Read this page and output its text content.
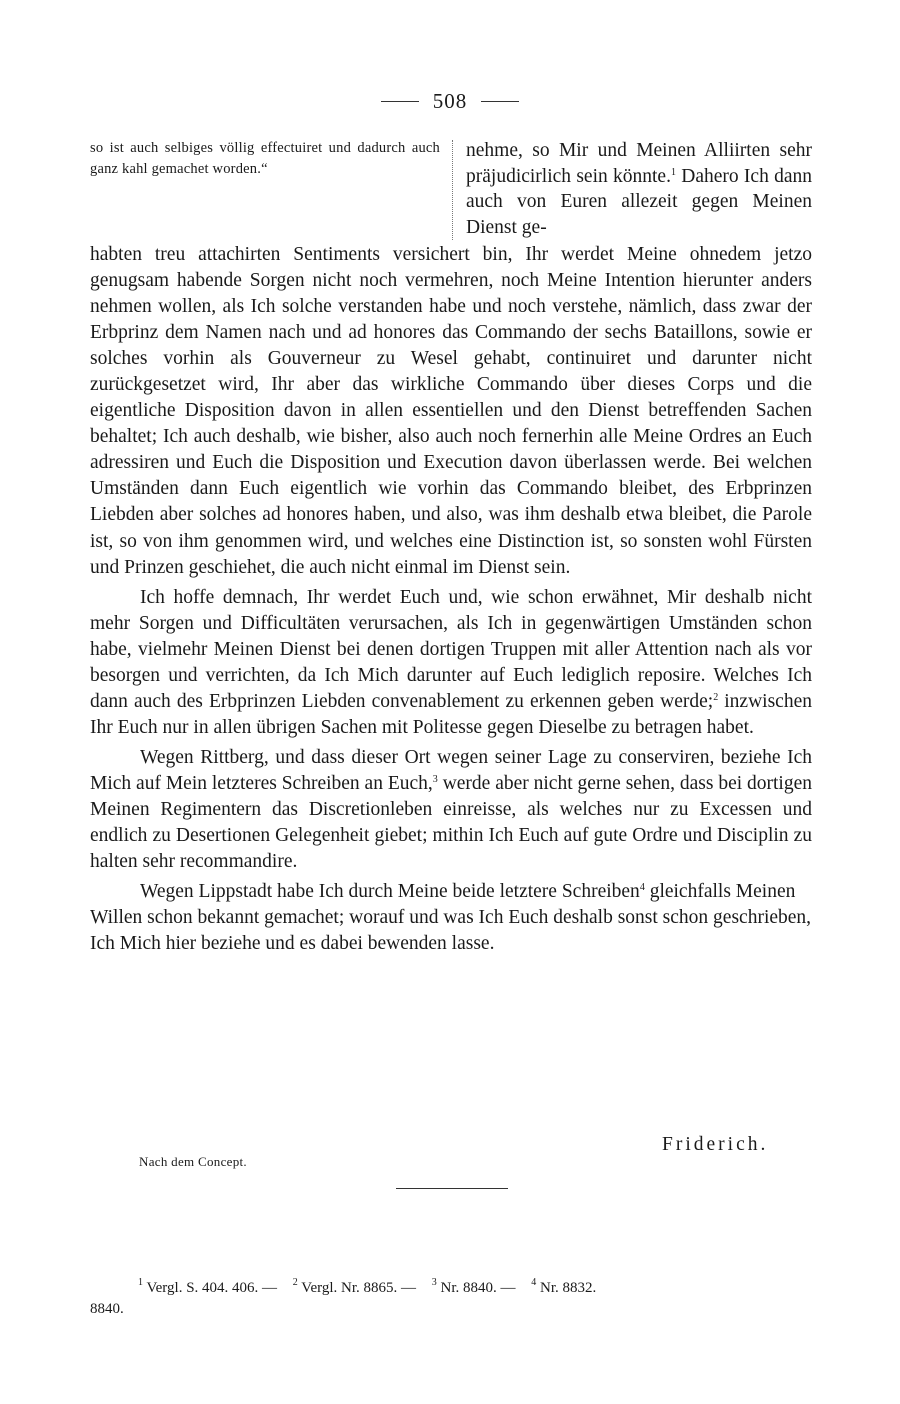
508
so ist auch selbiges völlig effectuiret und dadurch auch ganz kahl gemachet worden.“
nehme, so Mir und Meinen Alliirten sehr präjudicirlich sein könnte.$^1$ Dahero Ich dann auch von Euren allezeit gegen Meinen Dienst ge-

habten treu attachirten Sentiments versichert bin, Ihr werdet Meine ohnedem jetzo genugsam habende Sorgen nicht noch vermehren, noch Meine Intention hierunter anders nehmen wollen, als Ich solche verstanden habe und noch verstehe, nämlich, dass zwar der Erbprinz dem Namen nach und ad honores das Commando der sechs Bataillons, sowie er solches vorhin als Gouverneur zu Wesel gehabt, continuiret und darunter nicht zurückgesetzet wird, Ihr aber das wirkliche Commando über dieses Corps und die eigentliche Disposition davon in allen essentiellen und den Dienst betreffenden Sachen behaltet; Ich auch deshalb, wie bisher, also auch noch fernerhin alle Meine Ordres an Euch adressiren und Euch die Disposition und Execution davon überlassen werde. Bei welchen Umständen dann Euch eigentlich wie vorhin das Commando bleibet, des Erbprinzen Liebden aber solches ad honores haben, und also, was ihm deshalb etwa bleibet, die Parole ist, so von ihm genommen wird, und welches eine Distinction ist, so sonsten wohl Fürsten und Prinzen geschiehet, die auch nicht einmal im Dienst sein.

Ich hoffe demnach, Ihr werdet Euch und, wie schon erwähnet, Mir deshalb nicht mehr Sorgen und Difficultäten verursachen, als Ich in gegenwärtigen Umständen schon habe, vielmehr Meinen Dienst bei denen dortigen Truppen mit aller Attention nach als vor besorgen und verrichten, da Ich Mich darunter auf Euch lediglich reposire. Welches Ich dann auch des Erbprinzen Liebden convenablement zu erkennen geben werde;$^2$ inzwischen Ihr Euch nur in allen übrigen Sachen mit Politesse gegen Dieselbe zu betragen habet.

Wegen Rittberg, und dass dieser Ort wegen seiner Lage zu conserviren, beziehe Ich Mich auf Mein letzteres Schreiben an Euch,$^3$ werde aber nicht gerne sehen, dass bei dortigen Meinen Regimentern das Discretionleben einreisse, als welches nur zu Excessen und endlich zu Desertionen Gelegenheit giebet; mithin Ich Euch auf gute Ordre und Disciplin zu halten sehr recommandire.

Wegen Lippstadt habe Ich durch Meine beide letztere Schreiben$^4$ gleichfalls Meinen Willen schon bekannt gemachet; worauf und was Ich Euch deshalb sonst schon geschrieben, Ich Mich hier beziehe und es dabei bewenden lasse.

Friderich.
Nach dem Concept.
$^1$ Vergl. S. 404. 406. — $^2$ Vergl. Nr. 8865. — $^3$ Nr. 8840. — $^4$ Nr. 8832.
8840.
